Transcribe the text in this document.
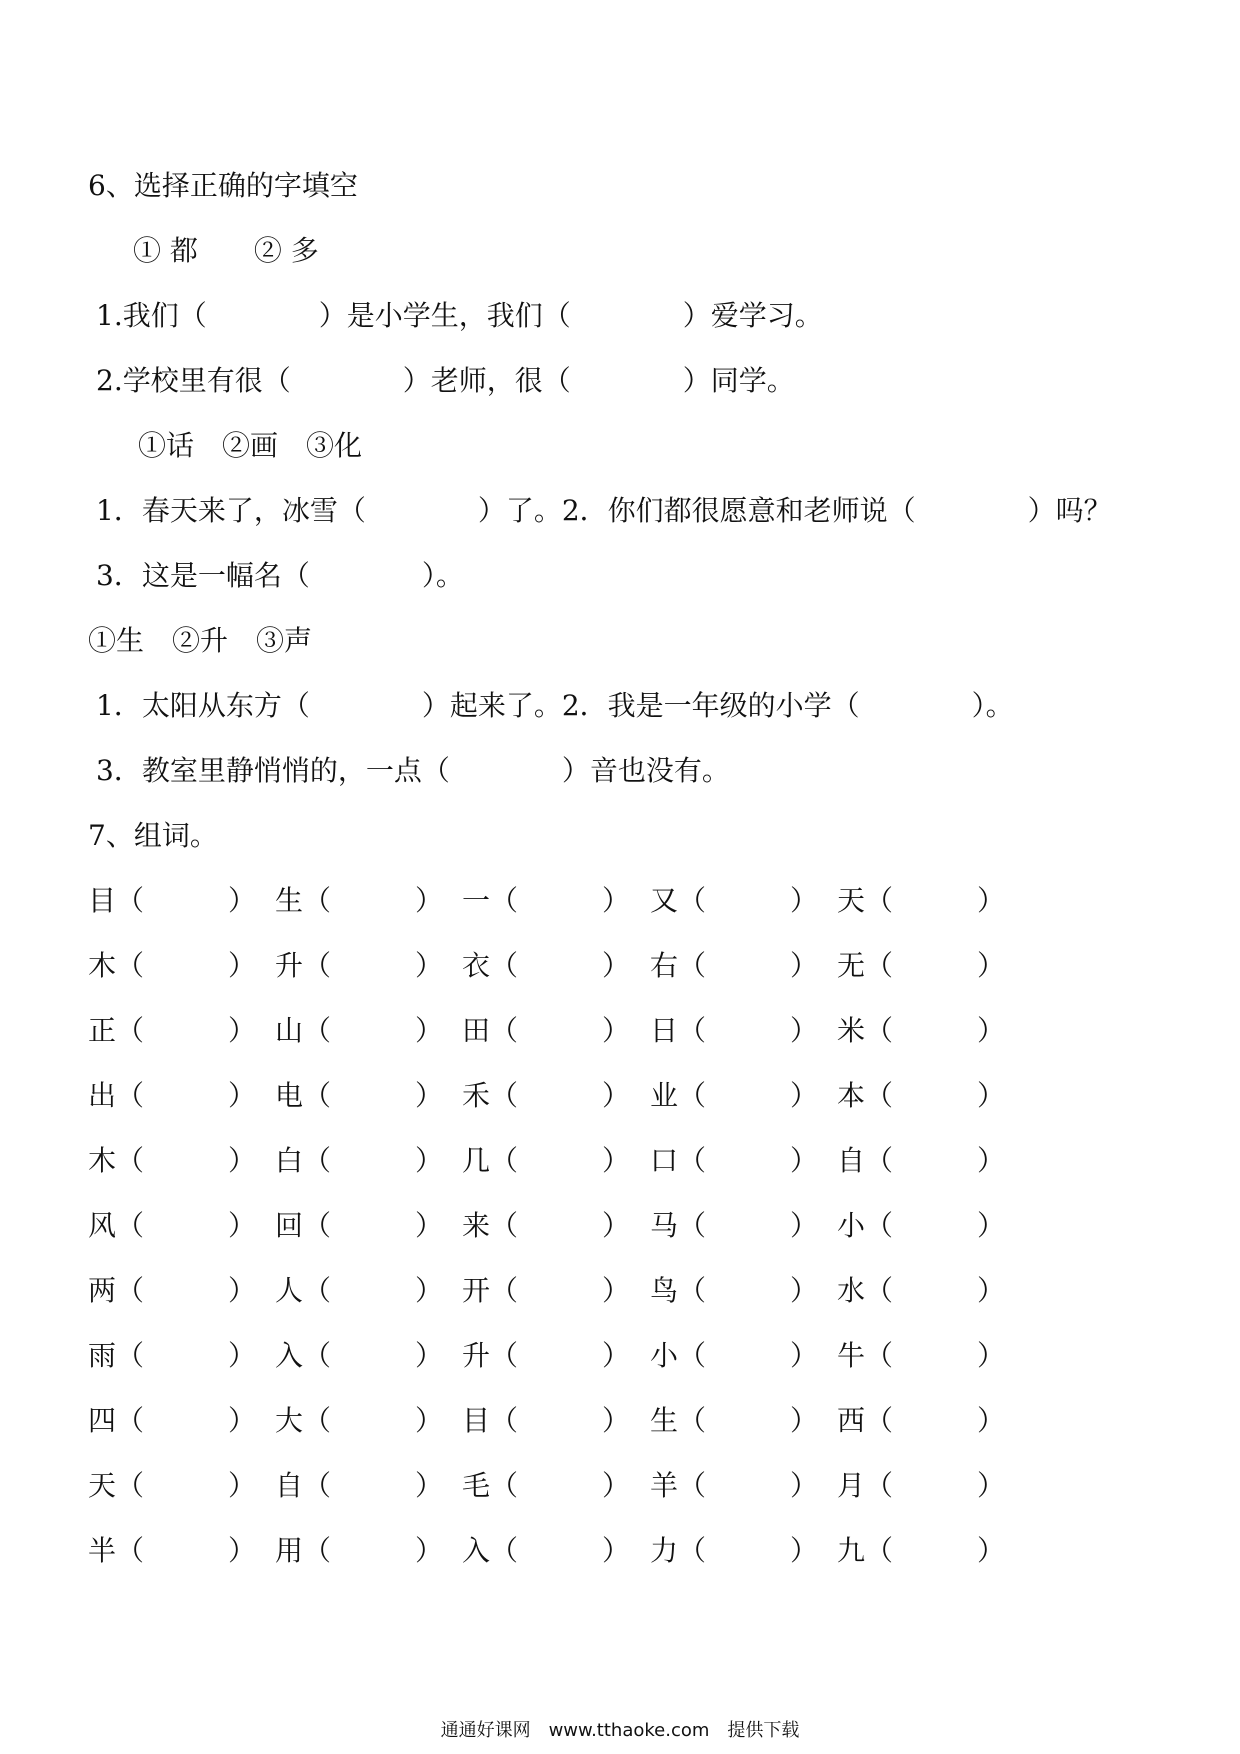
6、选择正确的字填空
① 都　　② 多
1.我们（　　　　）是小学生，我们（　　　　）爱学习。
2.学校里有很（　　　　）老师，很（　　　　）同学。
①话　②画　③化
1．春天来了，冰雪（　　　　）了。2．你们都很愿意和老师说（　　　　）吗？
3．这是一幅名（　　　　）。
①生　②升　③声
1．太阳从东方（　　　　）起来了。2．我是一年级的小学（　　　　）。
3．教室里静悄悄的，一点（　　　　）音也没有。
7、组词。
目（　　　） 生（　　　） 一（　　　） 又（　　　） 天（　　　）
木（　　　） 升（　　　） 衣（　　　） 右（　　　） 无（　　　）
正（　　　） 山（　　　） 田（　　　） 日（　　　） 米（　　　）
出（　　　） 电（　　　） 禾（　　　） 业（　　　） 本（　　　）
木（　　　） 白（　　　） 几（　　　） 口（　　　） 自（　　　）
风（　　　） 回（　　　） 来（　　　） 马（　　　） 小（　　　）
两（　　　） 人（　　　） 开（　　　） 鸟（　　　） 水（　　　）
雨（　　　） 入（　　　） 升（　　　） 小（　　　） 牛（　　　）
四（　　　） 大（　　　） 目（　　　） 生（　　　） 西（　　　）
天（　　　） 自（　　　） 毛（　　　） 羊（　　　） 月（　　　）
半（　　　） 用（　　　） 入（　　　） 力（　　　） 九（　　　）
通通好课网　www.tthaoke.com　提供下载
